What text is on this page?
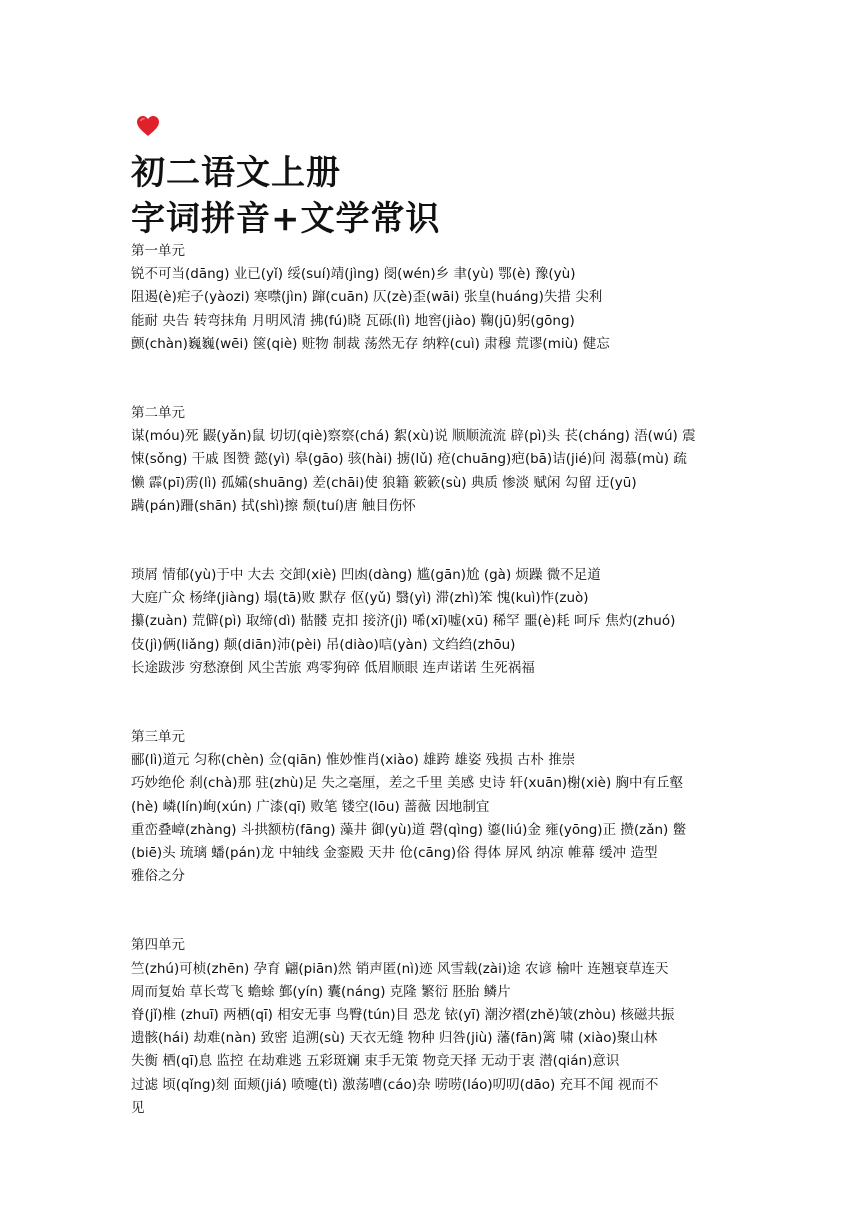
初二语文上册
字词拼音+文学常识
第一单元
锐不可当(dāng) 业已(yǐ) 绥(suí)靖(jìng) 阌(wén)乡 聿(yù) 鄂(è) 豫(yù)
阻遏(è)疟子(yàozi) 寒噤(jìn) 蹿(cuān) 仄(zè)歪(wāi) 张皇(huáng)失措 尖利
能耐 央告 转弯抹角 月明风清 拂(fú)晓 瓦砾(lì) 地窖(jiào) 鞠(jū)躬(gōng)
颤(chàn)巍巍(wēi) 箧(qiè) 赃物 制裁 荡然无存 纳粹(cuì) 肃穆 荒谬(miù) 健忘
第二单元
谋(móu)死 鼹(yǎn)鼠 切切(qiè)察察(chá) 絮(xù)说 顺顺流流 辟(pì)头 苌(cháng) 浯(wú) 震
悚(sǒng) 干戚 图赞 懿(yì) 皋(gāo) 骇(hài) 掳(lǔ) 疮(chuāng)疤(bā)诘(jié)问 渴慕(mù) 疏
懒 霹(pī)雳(lì) 孤孀(shuāng) 差(chāi)使 狼籍 簌簌(sù) 典质 惨淡 赋闲 勾留 迂(yū)
蹒(pán)跚(shān) 拭(shì)擦 颓(tuí)唐 触目伤怀
琐屑 情郁(yù)于中 大去 交卸(xiè) 凹凼(dàng) 尴(gān)尬 (gà) 烦躁 微不足道
大庭广众 杨绛(jiàng) 塌(tā)败 默存 伛(yǔ) 翳(yì) 滞(zhì)笨 愧(kuì)怍(zuò)
攥(zuàn) 荒僻(pì) 取缔(dì) 骷髅 克扣 接济(jì) 唏(xī)嘘(xū) 稀罕 噩(è)耗 呵斥 焦灼(zhuó)
伎(jì)俩(liǎng) 颠(diān)沛(pèi) 吊(diào)唁(yàn) 文绉绉(zhōu)
长途跋涉 穷愁潦倒 风尘苦旅 鸡零狗碎 低眉顺眼 连声诺诺 生死祸福
第三单元
郦(lì)道元 匀称(chèn) 佥(qiān) 惟妙惟肖(xiào) 雄跨 雄姿 残损 古朴 推崇
巧妙绝伦 刹(chà)那 驻(zhù)足 失之毫厘，差之千里 美感 史诗 轩(xuān)榭(xiè) 胸中有丘壑
(hè) 嶙(lín)峋(xún) 广漆(qī) 败笔 镂空(lōu) 蔷薇 因地制宜
重峦叠嶂(zhàng) 斗拱额枋(fāng) 藻井 御(yù)道 磬(qìng) 鎏(liú)金 雍(yōng)正 攒(zǎn) 鳖
(biē)头 琉璃 蟠(pán)龙 中轴线 金銮殿 天井 伧(cāng)俗 得体 屏风 纳凉 帷幕 缓冲 造型
雅俗之分
第四单元
竺(zhú)可桢(zhēn) 孕育 翩(piān)然 销声匿(nì)迹 风雪载(zài)途 农谚 榆叶 连翘衰草连天
周而复始 草长莺飞 蟾蜍 鄞(yín) 囊(náng) 克隆 繁衍 胚胎 鳞片
脊(jǐ)椎 (zhuī) 两栖(qī) 相安无事 鸟臀(tún)目 恐龙 铱(yī) 潮汐褶(zhě)皱(zhòu) 核磁共振
遗骸(hái) 劫难(nàn) 致密 追溯(sù) 天衣无缝 物种 归咎(jiù) 藩(fān)篱 啸 (xiào)聚山林
失衡 栖(qī)息 监控 在劫难逃 五彩斑斓 束手无策 物竞天择 无动于衷 潜(qián)意识
过滤 顷(qǐng)刻 面颊(jiá) 喷嚏(tì) 激荡嘈(cáo)杂 唠唠(láo)叨叨(dāo) 充耳不闻 视而不
见
